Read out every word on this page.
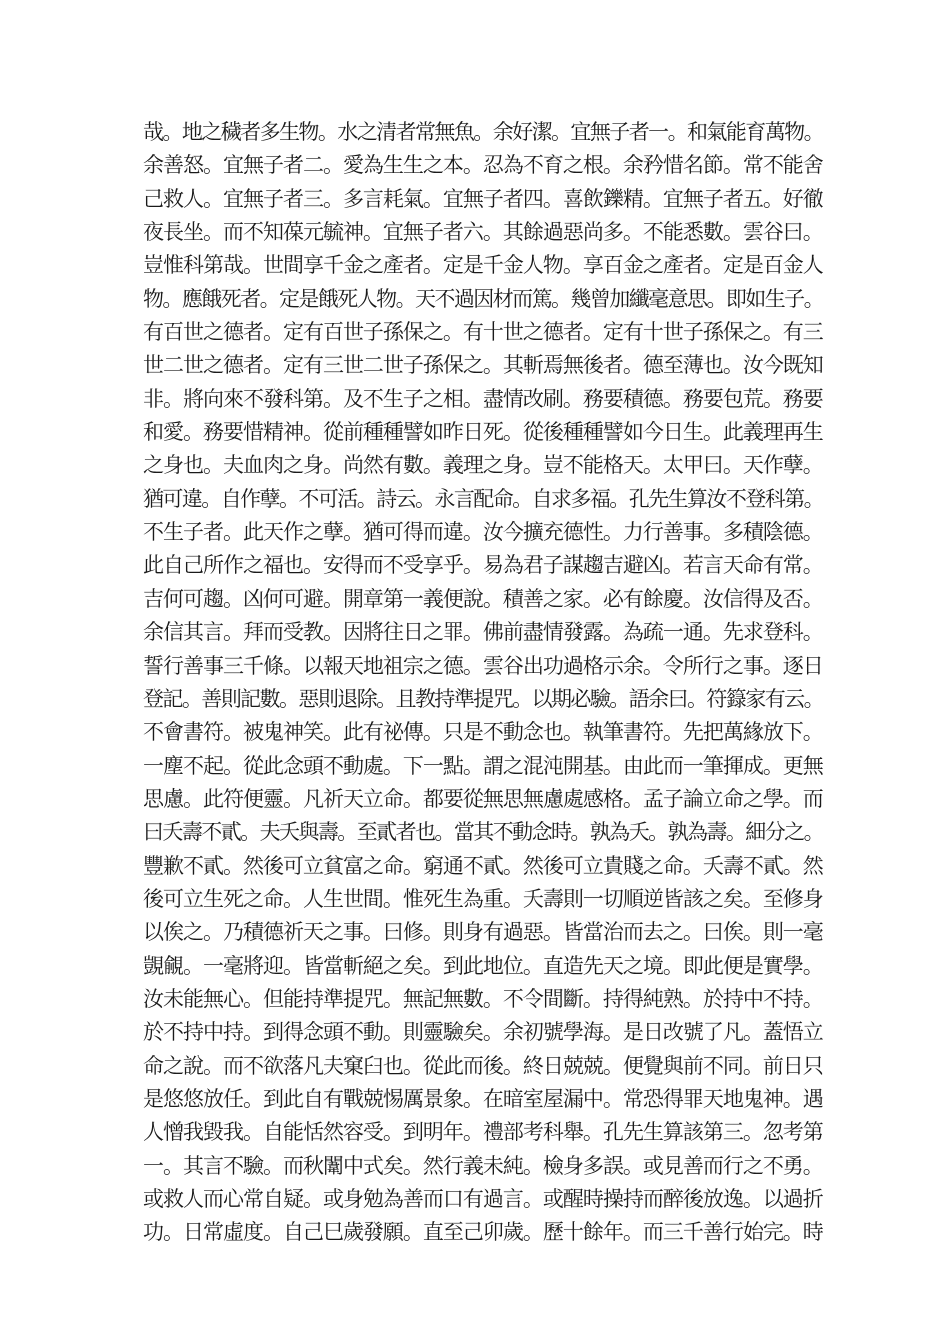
哉。地之穢者多生物。水之清者常無魚。余好潔。宜無子者一。和氣能育萬物。
余善怒。宜無子者二。愛為生生之本。忍為不育之根。余矜惜名節。常不能舍
己救人。宜無子者三。多言耗氣。宜無子者四。喜飲鑠精。宜無子者五。好徹
夜長坐。而不知葆元毓神。宜無子者六。其餘過惡尚多。不能悉數。雲谷曰。
豈惟科第哉。世間享千金之產者。定是千金人物。享百金之產者。定是百金人
物。應餓死者。定是餓死人物。天不過因材而篤。幾曾加纖毫意思。即如生子。
有百世之德者。定有百世子孫保之。有十世之德者。定有十世子孫保之。有三
世二世之德者。定有三世二世子孫保之。其斬焉無後者。德至薄也。汝今既知
非。將向來不發科第。及不生子之相。盡情改刷。務要積德。務要包荒。務要
和愛。務要惜精神。從前種種譬如昨日死。從後種種譬如今日生。此義理再生
之身也。夫血肉之身。尚然有數。義理之身。豈不能格天。太甲曰。天作孽。
猶可違。自作孽。不可活。詩云。永言配命。自求多福。孔先生算汝不登科第。
不生子者。此天作之孽。猶可得而違。汝今擴充德性。力行善事。多積陰德。
此自己所作之福也。安得而不受享乎。易為君子謀趨吉避凶。若言天命有常。
吉何可趨。凶何可避。開章第一義便說。積善之家。必有餘慶。汝信得及否。
余信其言。拜而受教。因將往日之罪。佛前盡情發露。為疏一通。先求登科。
誓行善事三千條。以報天地祖宗之德。雲谷出功過格示余。令所行之事。逐日
登記。善則記數。惡則退除。且教持準提咒。以期必驗。語余曰。符籙家有云。
不會書符。被鬼神笑。此有祕傳。只是不動念也。執筆書符。先把萬緣放下。
一塵不起。從此念頭不動處。下一點。謂之混沌開基。由此而一筆揮成。更無
思慮。此符便靈。凡祈天立命。都要從無思無慮處感格。孟子論立命之學。而
曰夭壽不貳。夫夭與壽。至貳者也。當其不動念時。孰為夭。孰為壽。細分之。
豐歉不貳。然後可立貧富之命。窮通不貳。然後可立貴賤之命。夭壽不貳。然
後可立生死之命。人生世間。惟死生為重。夭壽則一切順逆皆該之矣。至修身
以俟之。乃積德祈天之事。曰修。則身有過惡。皆當治而去之。曰俟。則一毫
覬覦。一毫將迎。皆當斬絕之矣。到此地位。直造先天之境。即此便是實學。
汝未能無心。但能持準提咒。無記無數。不令間斷。持得純熟。於持中不持。
於不持中持。到得念頭不動。則靈驗矣。余初號學海。是日改號了凡。蓋悟立
命之說。而不欲落凡夫窠臼也。從此而後。終日兢兢。便覺與前不同。前日只
是悠悠放任。到此自有戰兢惕厲景象。在暗室屋漏中。常恐得罪天地鬼神。遇
人憎我毀我。自能恬然容受。到明年。禮部考科舉。孔先生算該第三。忽考第
一。其言不驗。而秋闈中式矣。然行義未純。檢身多誤。或見善而行之不勇。
或救人而心常自疑。或身勉為善而口有過言。或醒時操持而醉後放逸。以過折
功。日常虛度。自己巳歲發願。直至己卯歲。歷十餘年。而三千善行始完。時
